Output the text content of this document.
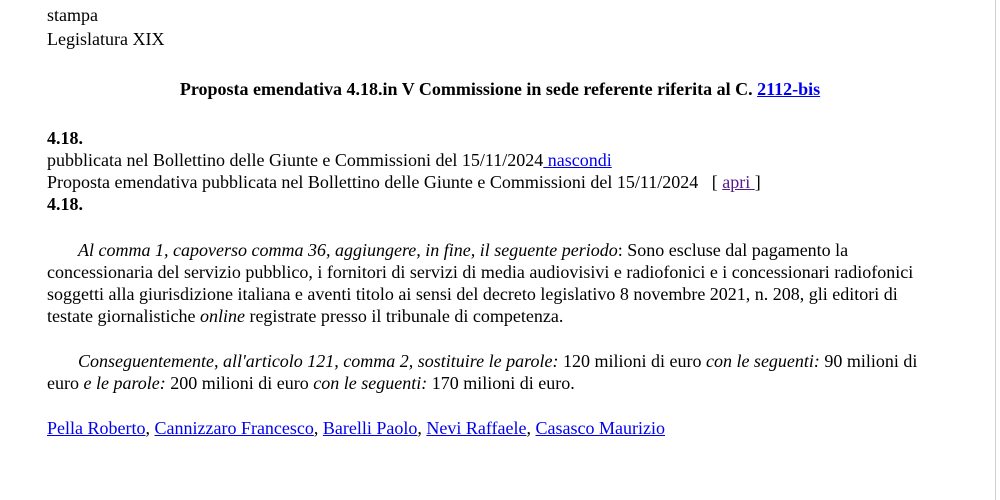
stampa
Legislatura XIX
Proposta emendativa 4.18.in V Commissione in sede referente riferita al C. 2112-bis
4.18.
pubblicata nel Bollettino delle Giunte e Commissioni del 15/11/2024 nascondi
Proposta emendativa pubblicata nel Bollettino delle Giunte e Commissioni del 15/11/2024 [ apri ]
4.18.
Al comma 1, capoverso comma 36, aggiungere, in fine, il seguente periodo: Sono escluse dal pagamento la concessionaria del servizio pubblico, i fornitori di servizi di media audiovisivi e radiofonici e i concessionari radiofonici soggetti alla giurisdizione italiana e aventi titolo ai sensi del decreto legislativo 8 novembre 2021, n. 208, gli editori di testate giornalistiche online registrate presso il tribunale di competenza.
Conseguentemente, all'articolo 121, comma 2, sostituire le parole: 120 milioni di euro con le seguenti: 90 milioni di euro e le parole: 200 milioni di euro con le seguenti: 170 milioni di euro.
Pella Roberto, Cannizzaro Francesco, Barelli Paolo, Nevi Raffaele, Casasco Maurizio
